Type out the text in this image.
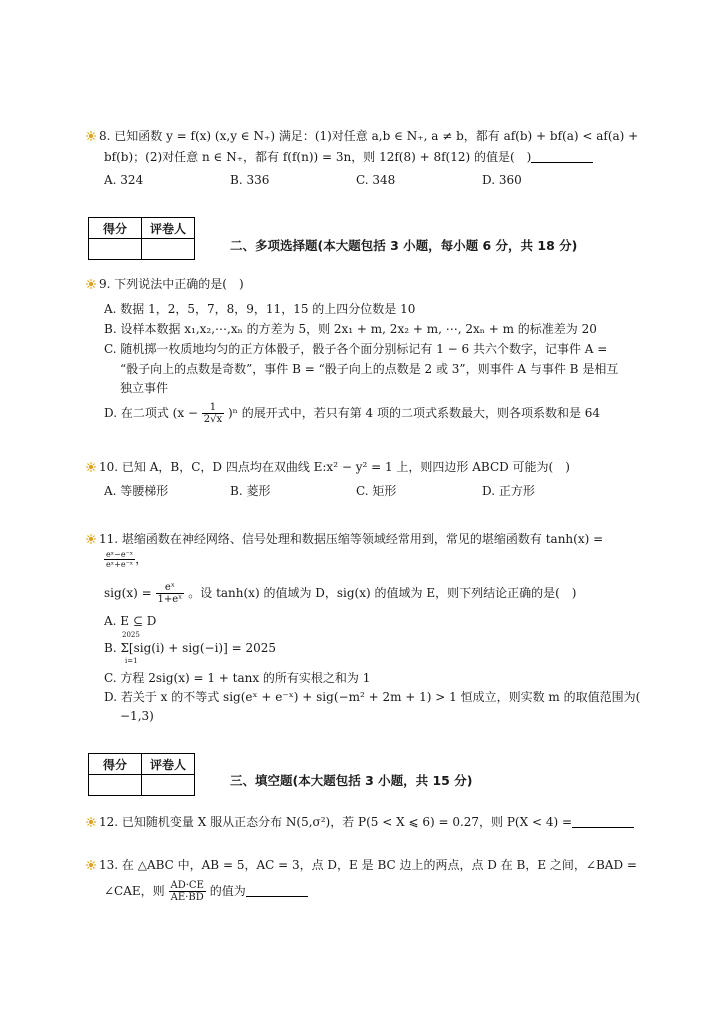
8. 已知函数 y = f(x) (x,y ∈ N₊) 满足：(1)对任意 a,b ∈ N₊, a ≠ b，都有 af(b) + bf(a) < af(a) +
bf(b)；(2)对任意 n ∈ N₊，都有 f(f(n)) = 3n，则 12f(8) + 8f(12) 的值是(　)
A. 324	B. 336	C. 348	D. 360
得分	评卷人

二、多项选择题(本大题包括 3 小题，每小题 6 分，共 18 分)
9. 下列说法中正确的是(　)
A. 数据 1，2，5，7，8，9，11，15 的上四分位数是 10
B. 设样本数据 x₁,x₂,⋯,xₙ 的方差为 5，则 2x₁ + m, 2x₂ + m, ⋯, 2xₙ + m 的标准差为 20
C. 随机掷一枚质地均匀的正方体骰子，骰子各个面分别标记有 1 − 6 共六个数字，记事件 A =
“骰子向上的点数是奇数”，事件 B = “骰子向上的点数是 2 或 3”，则事件 A 与事件 B 是相互
独立事件
D. 在二项式 $(x - \frac{1}{2√x} )^n$ 的展开式中，若只有第 4 项的二项式系数最大，则各项系数和是 64
10. 已知 A，B，C，D 四点均在双曲线 E:x² − y² = 1 上，则四边形 ABCD 可能为(　)
A. 等腰梯形	B. 菱形	C. 矩形	D. 正方形
11. 堪缩函数在神经网络、信号处理和数据压缩等领域经常用到，常见的堪缩函数有 tanh(x) =
$\frac{\text{eˣ−e⁻ˣ}}{\text{eˣ+e⁻ˣ}}$ ，
$sig(x) = \frac{\text{eˣ}}{\text{1+eˣ}}$ 。设 tanh(x) 的值域为 D，sig(x) 的值域为 E，则下列结论正确的是(　)
A. E ⊆ D
B. Σ[sig(i) + sig(−i)] = 2025
2025
i=1
C. 方程 2sig(x) = 1 + tanx 的所有实根之和为 1
D. 若关于 x 的不等式 sig(eˣ + e⁻ˣ) + sig(−m² + 2m + 1) > 1 恒成立，则实数 m 的取值范围为(
−1,3)
得分	评卷人

三、填空题(本大题包括 3 小题，共 15 分)
12. 已知随机变量 X 服从正态分布 N(5,σ²)，若 P(5 < X ⩽ 6) = 0.27，则 P(X < 4) =
13. 在 △ABC 中，AB = 5，AC = 3，点 D，E 是 BC 边上的两点，点 D 在 B，E 之间，∠BAD =
∠CAE，则 $\frac{AD\cdot CE}{AE\cdot BD}$ 的值为
